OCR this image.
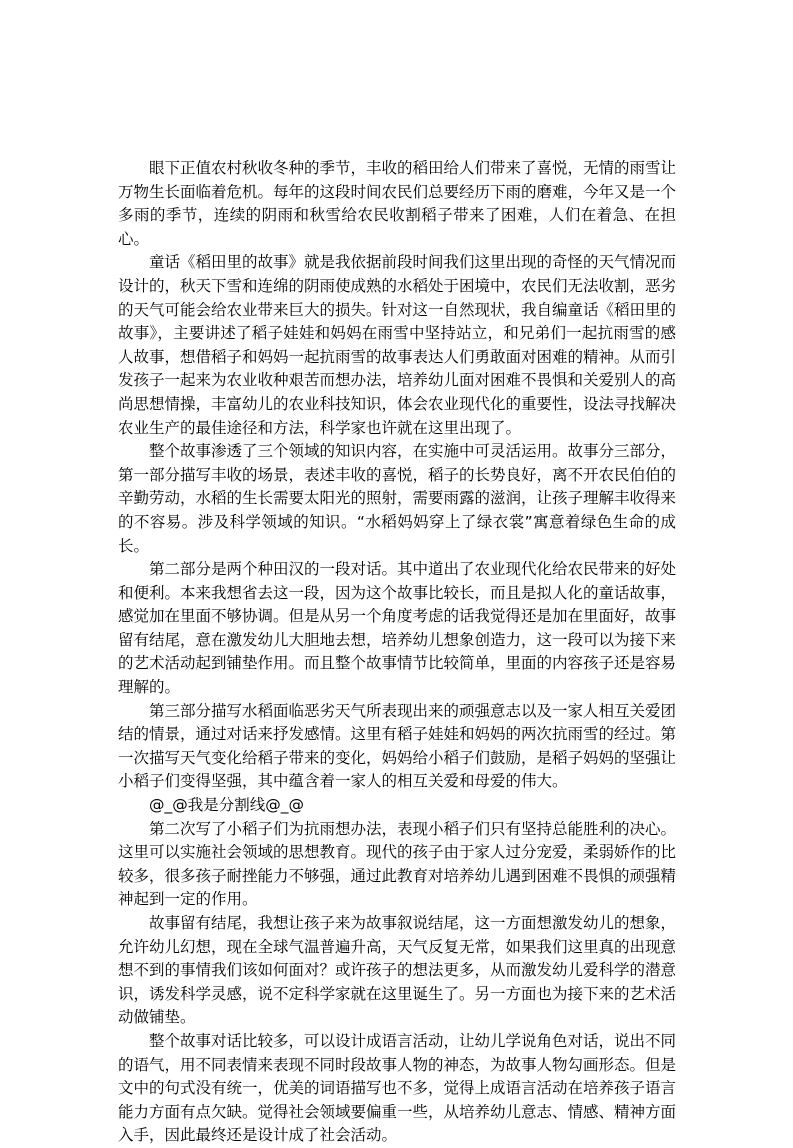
眼下正值农村秋收冬种的季节，丰收的稻田给人们带来了喜悦，无情的雨雪让万物生长面临着危机。每年的这段时间农民们总要经历下雨的磨难，今年又是一个多雨的季节，连续的阴雨和秋雪给农民收割稻子带来了困难，人们在着急、在担心。

童话《稻田里的故事》就是我依据前段时间我们这里出现的奇怪的天气情况而设计的，秋天下雪和连绵的阴雨使成熟的水稻处于困境中，农民们无法收割，恶劣的天气可能会给农业带来巨大的损失。针对这一自然现状，我自编童话《稻田里的故事》，主要讲述了稻子娃娃和妈妈在雨雪中坚持站立，和兄弟们一起抗雨雪的感人故事，想借稻子和妈妈一起抗雨雪的故事表达人们勇敢面对困难的精神。从而引发孩子一起来为农业收种艰苦而想办法，培养幼儿面对困难不畏惧和关爱别人的高尚思想情操，丰富幼儿的农业科技知识，体会农业现代化的重要性，设法寻找解决农业生产的最佳途径和方法，科学家也许就在这里出现了。

整个故事渗透了三个领域的知识内容，在实施中可灵活运用。故事分三部分，第一部分描写丰收的场景，表述丰收的喜悦，稻子的长势良好，离不开农民伯伯的辛勤劳动，水稻的生长需要太阳光的照射，需要雨露的滋润，让孩子理解丰收得来的不容易。涉及科学领域的知识。“水稻妈妈穿上了绿衣裳”寓意着绿色生命的成长。

第二部分是两个种田汉的一段对话。其中道出了农业现代化给农民带来的好处和便利。本来我想省去这一段，因为这个故事比较长，而且是拟人化的童话故事，感觉加在里面不够协调。但是从另一个角度考虑的话我觉得还是加在里面好，故事留有结尾，意在激发幼儿大胆地去想，培养幼儿想象创造力，这一段可以为接下来的艺术活动起到铺垫作用。而且整个故事情节比较简单，里面的内容孩子还是容易理解的。

第三部分描写水稻面临恶劣天气所表现出来的顽强意志以及一家人相互关爱团结的情景，通过对话来抒发感情。这里有稻子娃娃和妈妈的两次抗雨雪的经过。第一次描写天气变化给稻子带来的变化，妈妈给小稻子们鼓励，是稻子妈妈的坚强让小稻子们变得坚强，其中蕴含着一家人的相互关爱和母爱的伟大。

@_@我是分割线@_@

第二次写了小稻子们为抗雨想办法，表现小稻子们只有坚持总能胜利的决心。这里可以实施社会领域的思想教育。现代的孩子由于家人过分宠爱，柔弱娇作的比较多，很多孩子耐挫能力不够强，通过此教育对培养幼儿遇到困难不畏惧的顽强精神起到一定的作用。

故事留有结尾，我想让孩子来为故事叙说结尾，这一方面想激发幼儿的想象，允许幼儿幻想，现在全球气温普遍升高，天气反复无常，如果我们这里真的出现意想不到的事情我们该如何面对？或许孩子的想法更多，从而激发幼儿爱科学的潜意识，诱发科学灵感，说不定科学家就在这里诞生了。另一方面也为接下来的艺术活动做铺垫。

整个故事对话比较多，可以设计成语言活动，让幼儿学说角色对话，说出不同的语气，用不同表情来表现不同时段故事人物的神态，为故事人物勾画形态。但是文中的句式没有统一，优美的词语描写也不多，觉得上成语言活动在培养孩子语言能力方面有点欠缺。觉得社会领域要偏重一些，从培养幼儿意志、情感、精神方面入手，因此最终还是设计成了社会活动。
